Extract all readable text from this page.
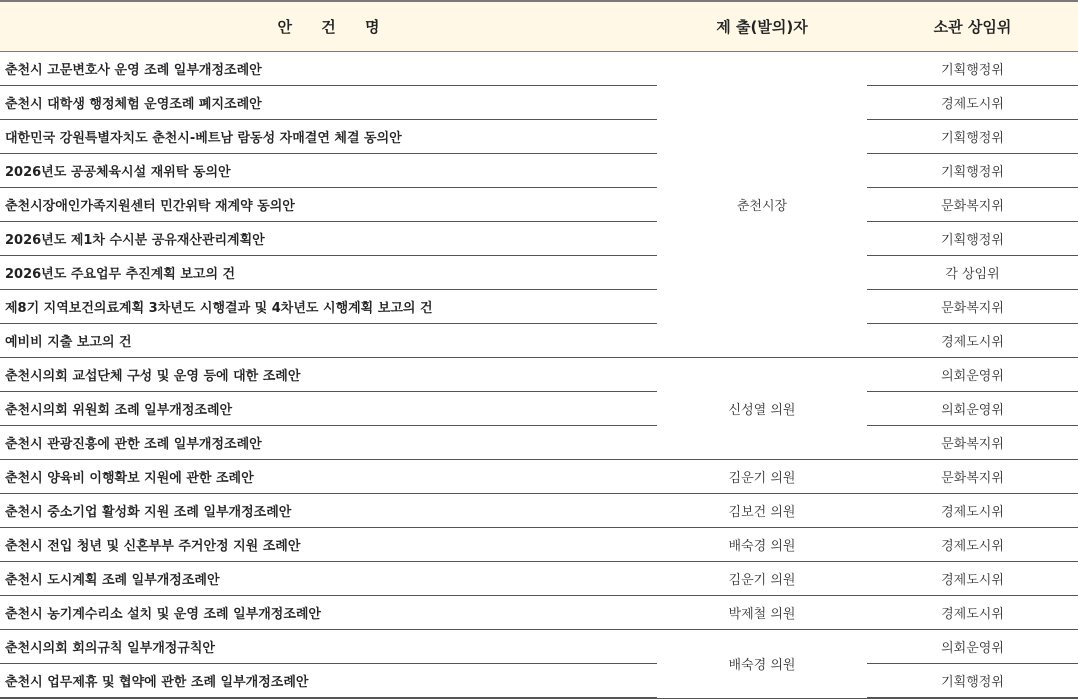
안 건 명	제 출(발의)자	소관 상임위
춘천시 고문변호사 운영 조례 일부개정조례안	춘천시장	기획행정위
춘천시 대학생 행정체험 운영조례 폐지조례안		경제도시위
대한민국 강원특별자치도 춘천시-베트남 람동성 자매결연 체결 동의안		기획행정위
2026년도 공공체육시설 재위탁 동의안		기획행정위
춘천시장애인가족지원센터 민간위탁 재계약 동의안		문화복지위
2026년도 제1차 수시분 공유재산관리계획안		기획행정위
2026년도 주요업무 추진계획 보고의 건		각 상임위
제8기 지역보건의료계획 3차년도 시행결과 및 4차년도 시행계획 보고의 건		문화복지위
예비비 지출 보고의 건		경제도시위
춘천시의회 교섭단체 구성 및 운영 등에 대한 조례안	신성열 의원	의회운영위
춘천시의회 위원회 조례 일부개정조례안		의회운영위
춘천시 관광진흥에 관한 조례 일부개정조례안		문화복지위
춘천시 양육비 이행확보 지원에 관한 조례안	김운기 의원	문화복지위
춘천시 중소기업 활성화 지원 조례 일부개정조례안	김보건 의원	경제도시위
춘천시 전입 청년 및 신혼부부 주거안정 지원 조례안	배숙경 의원	경제도시위
춘천시 도시계획 조례 일부개정조례안	김운기 의원	경제도시위
춘천시 농기계수리소 설치 및 운영 조례 일부개정조례안	박제철 의원	경제도시위
춘천시의회 회의규칙 일부개정규칙안	배숙경 의원	의회운영위
춘천시 업무제휴 및 협약에 관한 조례 일부개정조례안		기획행정위
